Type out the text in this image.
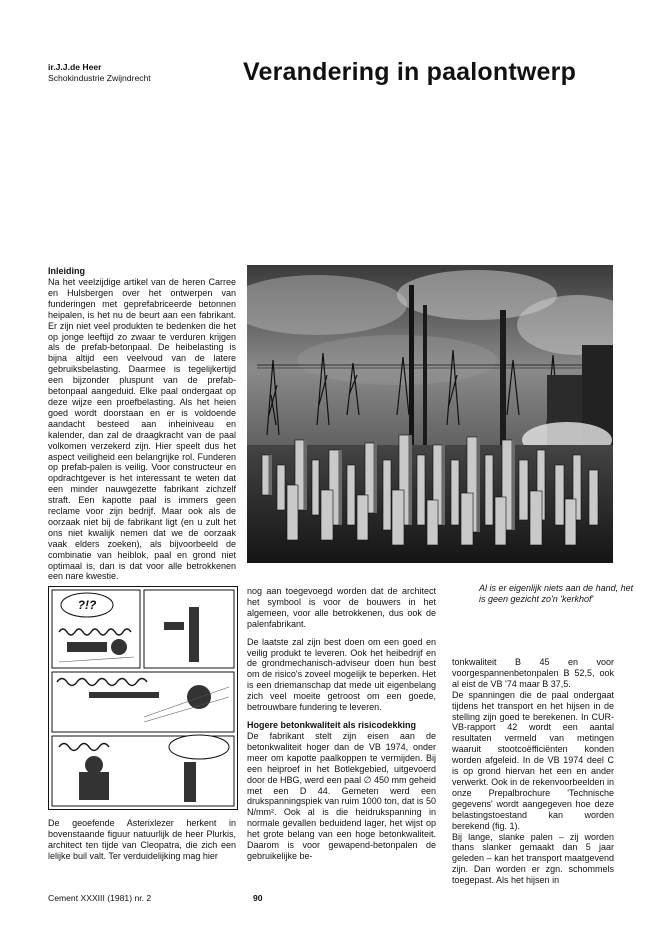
ir.J.J.de Heer
Schokindustrie Zwijndrecht	Verandering in paalontwerp

Inleiding

Na het veelzijdige artikel van de heren Carree en Hulsbergen over het ontwerpen van funderingen met geprefabriceerde betonnen heipalen, is het nu de beurt aan een fabrikant. Er zijn niet veel produkten te bedenken die het op jonge leeftijd zo zwaar te verduren krijgen als de prefab-betonpaal. De heibelasting is bijna altijd een veelvoud van de latere gebruiksbelasting. Daarmee is tegelijkertijd een bijzonder pluspunt van de prefab-betonpaal aangeduid. Elke paal ondergaat op deze wijze een proefbelasting. Als het heien goed wordt doorstaan en er is voldoende aandacht besteed aan inheiniveau en kalender, dan zal de draagkracht van de paal volkomen verzekerd zijn. Hier speelt dus het aspect veiligheid een belangrijke rol. Funderen op prefab-palen is veilig. Voor constructeur en opdrachtgever is het interessant te weten dat een minder nauwgezette fabrikant zichzelf straft. Een kapotte paal is immers geen reclame voor zijn bedrijf. Maar ook als de oorzaak niet bij de fabrikant ligt (en u zult het ons niet kwalijk nemen dat we de oorzaak vaak elders zoeken), als bijvoorbeeld de combinatie van heiblok, paal en grond niet optimaal is, dan is dat voor alle betrokkenen een nare kwestie.

Al is er eigenlijk niets aan de hand, het is geen gezicht zo'n 'kerkhof'
?!?
De geoefende Asterixlezer herkent in bovenstaande figuur natuurlijk de heer Plurkis, architect ten tijde van Cleopatra, die zich een lelijke buil valt. Ter verduidelijking mag hier

nog aan toegevoegd worden dat de architect het symbool is voor de bouwers in het algemeen, voor alle betrokkenen, dus ook de palenfabrikant.

De laatste zal zijn best doen om een goed en veilig produkt te leveren. Ook het heibedrijf en de grondmechanisch-adviseur doen hun best om de risico's zoveel mogelijk te beperken. Het is een driemanschap dat mede uit eigenbelang zich veel moeite getroost om een goede, betrouwbare fundering te leveren.

Hogere betonkwaliteit als risicodekking

De fabrikant stelt zijn eisen aan de betonkwaliteit hoger dan de VB 1974, onder meer om kapotte paalkoppen te vermijden. Bij een heiproef in het Botlekgebied, uitgevoerd door de HBG, werd een paal ∅ 450 mm geheid met een D 44. Gemeten werd een drukspanningspiek van ruim 1000 ton, dat is 50 N/mm². Ook al is die heidrukspanning in normale gevallen beduidend lager, het wijst op het grote belang van een hoge betonkwaliteit. Daarom is voor gewapend-betonpalen de gebruikelijke be-

tonkwaliteit B 45 en voor voorgespannenbetonpalen B 52,5, ook al eist de VB '74 maar B 37,5.

De spanningen die de paal ondergaat tijdens het transport en het hijsen in de stelling zijn goed te berekenen. In CUR-VB-rapport 42 wordt een aantal resultaten vermeld van metingen waaruit stootcoëfficiënten konden worden afgeleid. In de VB 1974 deel C is op grond hiervan het een en ander verwerkt. Ook in de rekenvoorbeelden in onze Prepalbrochure 'Technische gegevens' wordt aangegeven hoe deze belastingstoestand kan worden berekend (fig. 1).

Bij lange, slanke palen – zij worden thans slanker gemaakt dan 5 jaar geleden – kan het transport maatgevend zijn. Dan worden er zgn. schommels toegepast. Als het hijsen in

Cement XXXIII (1981) nr. 2	90
